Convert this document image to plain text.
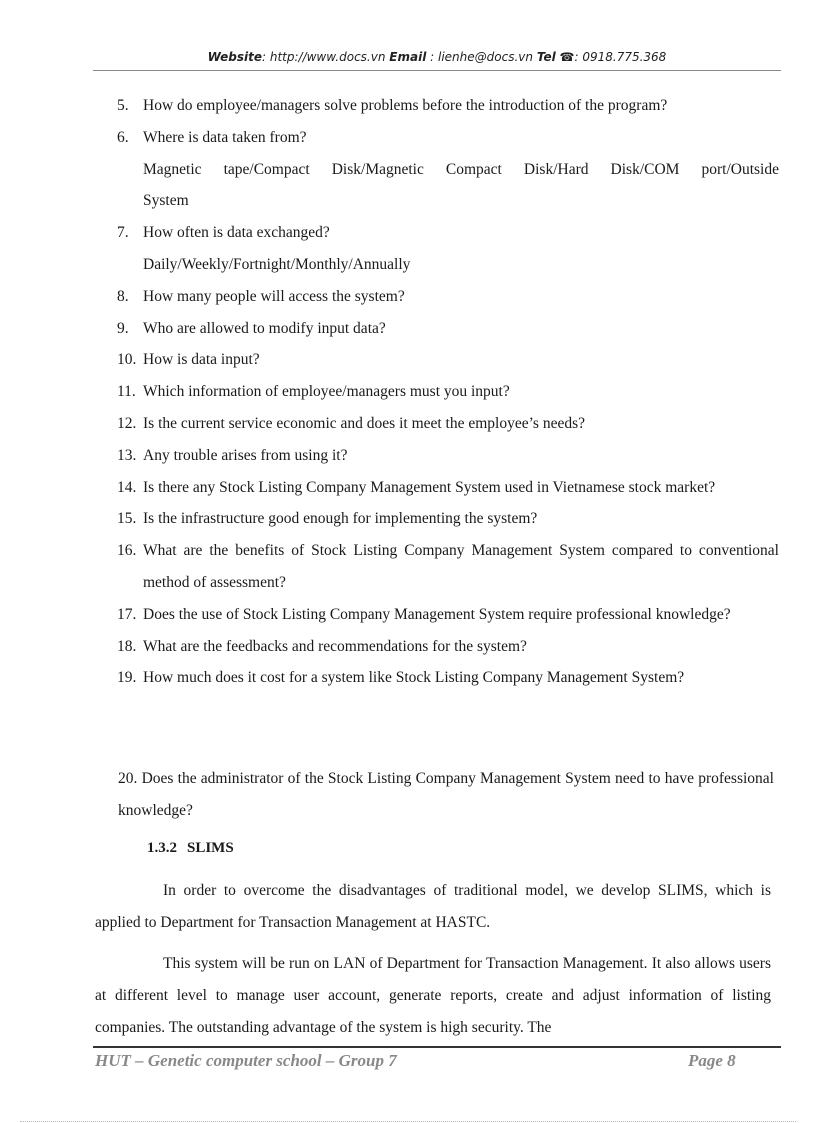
Website: http://www.docs.vn Email : lienhe@docs.vn Tel ☎: 0918.775.368
5. How do employee/managers solve problems before the introduction of the program?
6. Where is data taken from?
Magnetic tape/Compact Disk/Magnetic Compact Disk/Hard Disk/COM port/Outside
System
7. How often is data exchanged?
Daily/Weekly/Fortnight/Monthly/Annually
8. How many people will access the system?
9. Who are allowed to modify input data?
10. How is data input?
11. Which information of employee/managers must you input?
12. Is the current service economic and does it meet the employee’s needs?
13. Any trouble arises from using it?
14. Is there any Stock Listing Company Management System used in Vietnamese stock market?
15. Is the infrastructure good enough for implementing the system?
16. What are the benefits of Stock Listing Company Management System compared to conventional method of assessment?
17. Does the use of Stock Listing Company Management System require professional knowledge?
18. What are the feedbacks and recommendations for the system?
19. How much does it cost for a system like Stock Listing Company Management System?

20. Does the administrator of the Stock Listing Company Management System need to have professional knowledge?

1.3.2 SLIMS

In order to overcome the disadvantages of traditional model, we develop SLIMS, which is applied to Department for Transaction Management at HASTC.

This system will be run on LAN of Department for Transaction Management. It also allows users at different level to manage user account, generate reports, create and adjust information of listing companies. The outstanding advantage of the system is high security. The

HUT – Genetic computer school – Group 7	Page 8
